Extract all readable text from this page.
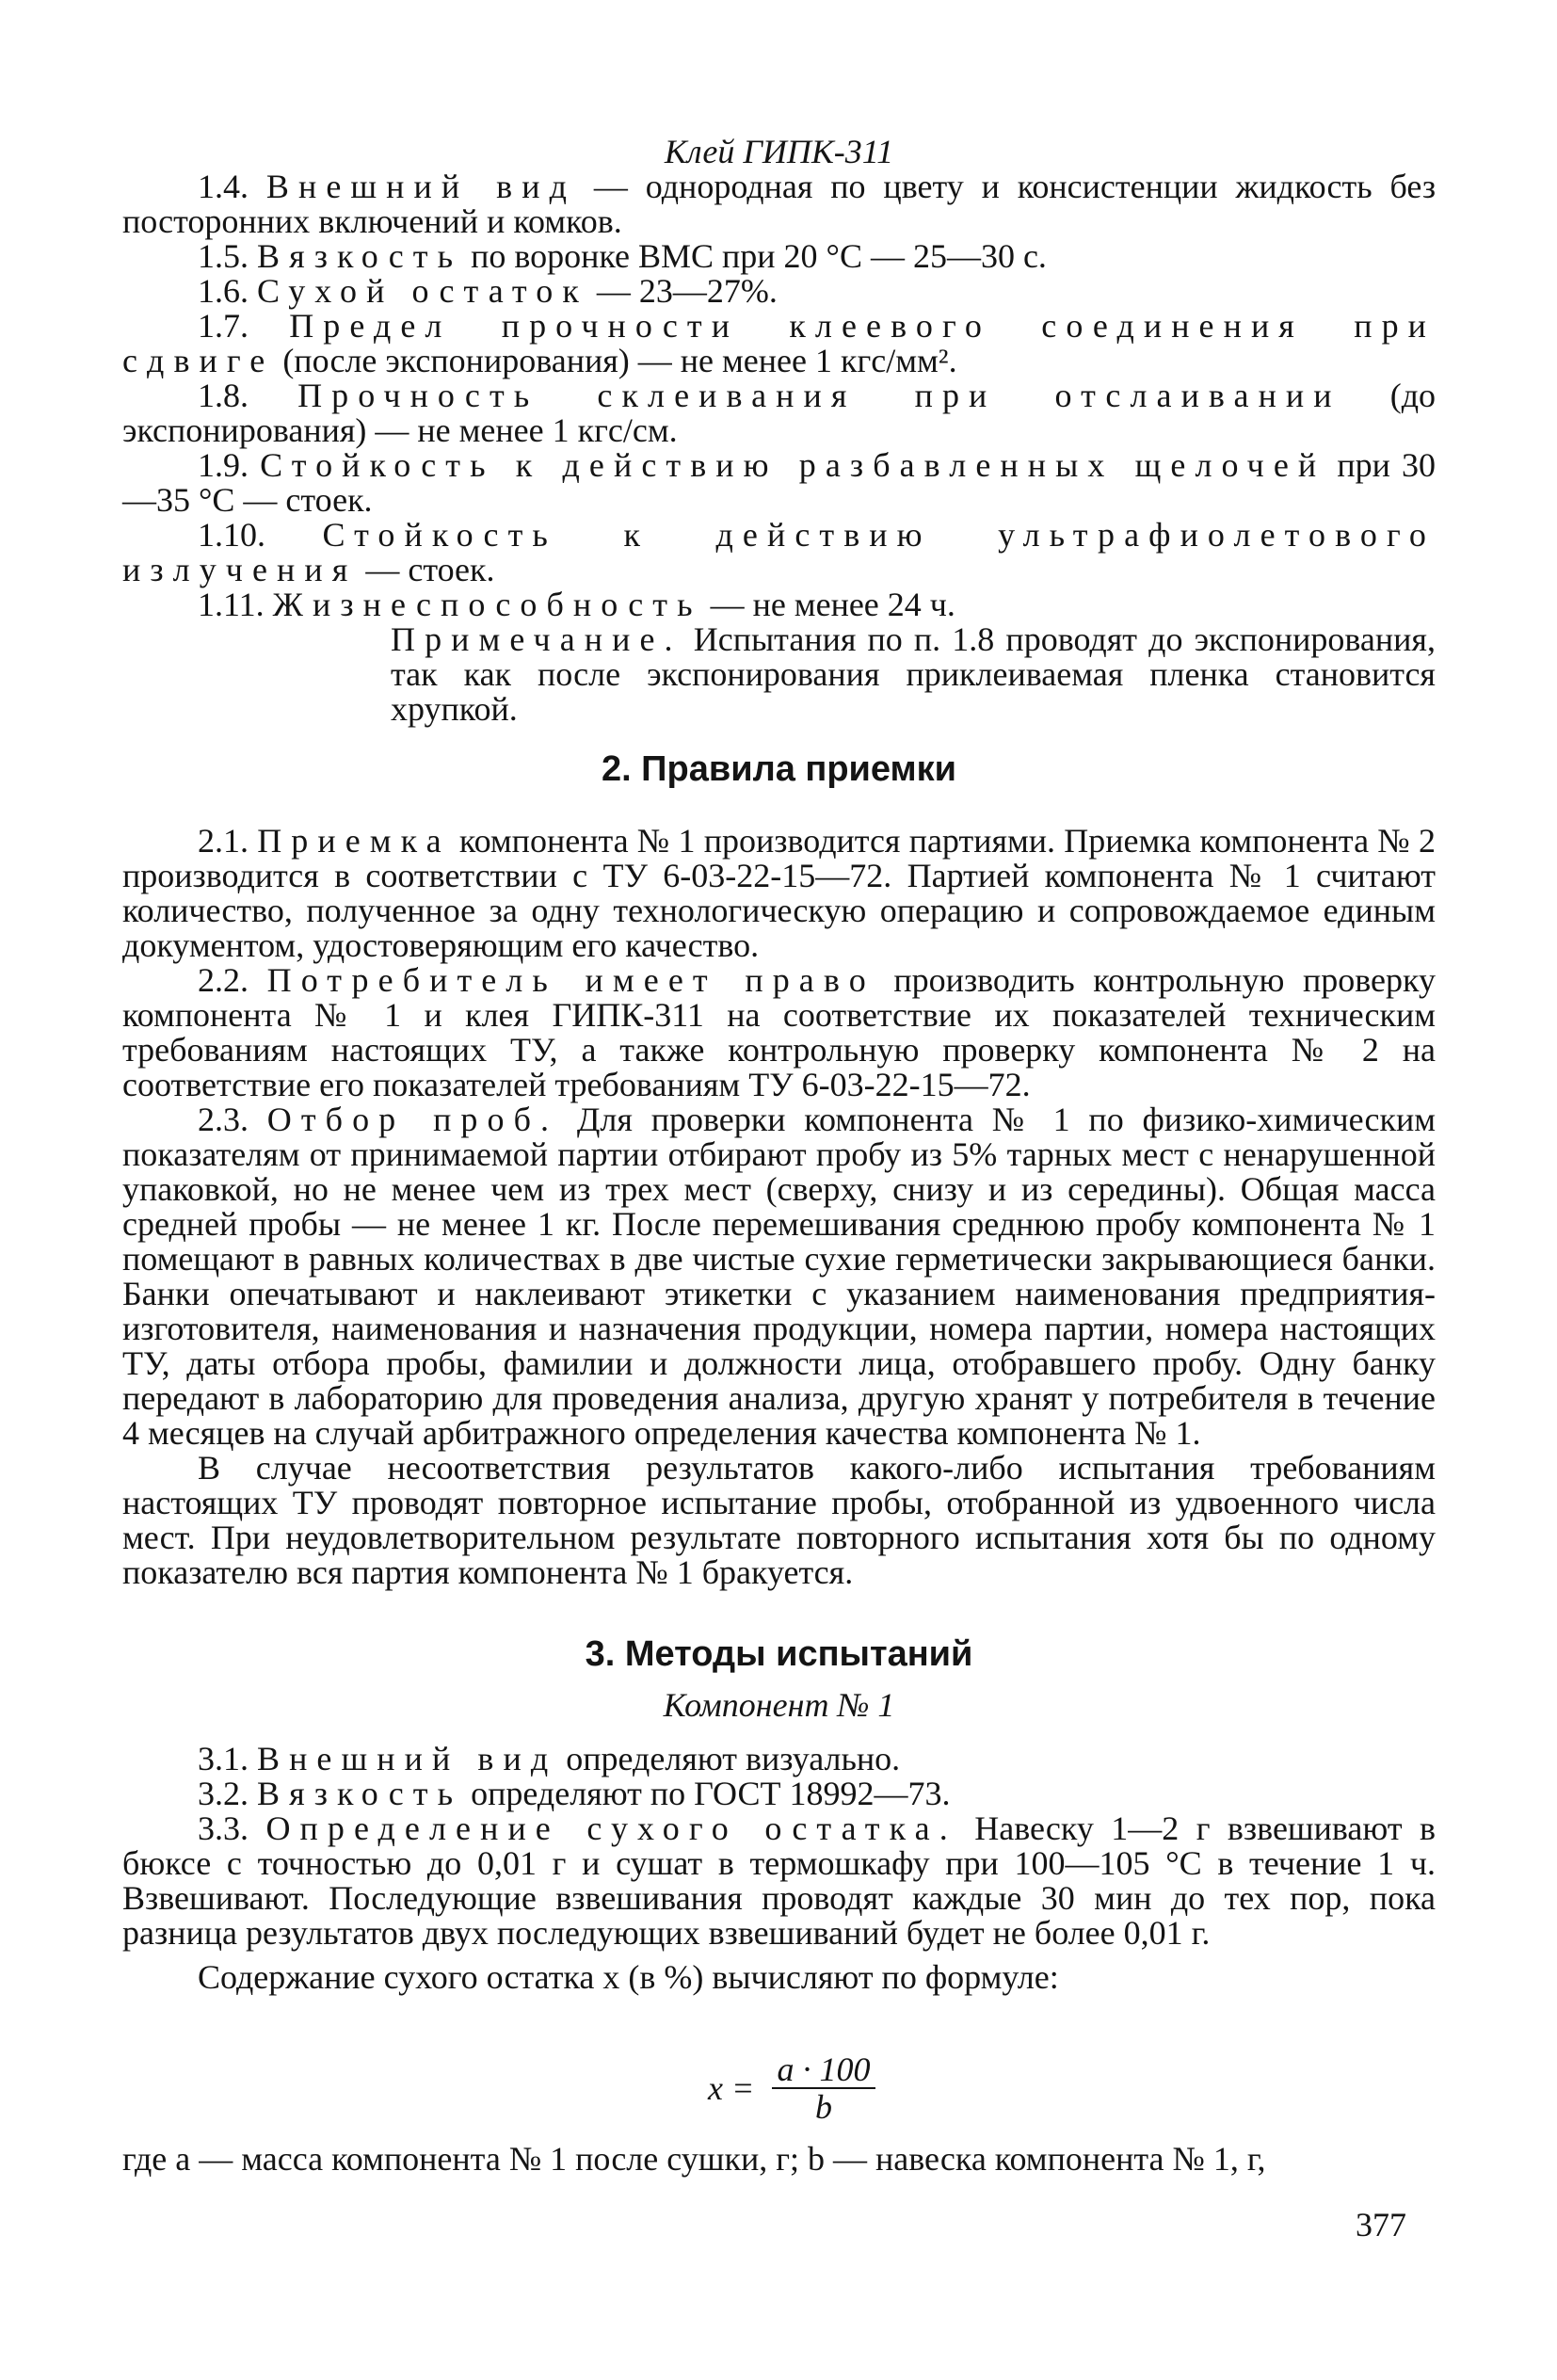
Клей ГИПК-311

1.4. Внешний вид — однородная по цвету и консистенции жидкость без посторонних включений и комков.

1.5. Вязкость по воронке ВМС при 20 °С — 25—30 с.

1.6. Сухой остаток — 23—27%.

1.7. Предел прочности клеевого соединения при сдвиге (после экспонирования) — не менее 1 кгс/мм².

1.8. Прочность склеивания при отслаивании (до экспонирования) — не менее 1 кгс/см.

1.9. Стойкость к действию разбавленных щелочей при 30—35 °С — стоек.

1.10. Стойкость к действию ультрафиолетового излучения — стоек.

1.11. Жизнеспособность — не менее 24 ч.

Примечание. Испытания по п. 1.8 проводят до экспонирования, так как после экспонирования приклеиваемая пленка становится хрупкой.

2. Правила приемки

2.1. Приемка компонента № 1 производится партиями. Приемка компонента № 2 производится в соответствии с ТУ 6-03-22-15—72. Партией компонента № 1 считают количество, полученное за одну технологическую операцию и сопровождаемое единым документом, удостоверяющим его качество.

2.2. Потребитель имеет право производить контрольную проверку компонента № 1 и клея ГИПК-311 на соответствие их показателей техническим требованиям настоящих ТУ, а также контрольную проверку компонента № 2 на соответствие его показателей требованиям ТУ 6-03-22-15—72.

2.3. Отбор проб. Для проверки компонента № 1 по физико-химическим показателям от принимаемой партии отбирают пробу из 5% тарных мест с ненарушенной упаковкой, но не менее чем из трех мест (сверху, снизу и из середины). Общая масса средней пробы — не менее 1 кг. После перемешивания среднюю пробу компонента № 1 помещают в равных количествах в две чистые сухие герметически закрывающиеся банки. Банки опечатывают и наклеивают этикетки с указанием наименования предприятия-изготовителя, наименования и назначения продукции, номера партии, номера настоящих ТУ, даты отбора пробы, фамилии и должности лица, отобравшего пробу. Одну банку передают в лабораторию для проведения анализа, другую хранят у потребителя в течение 4 месяцев на случай арбитражного определения качества компонента № 1.

В случае несоответствия результатов какого-либо испытания требованиям настоящих ТУ проводят повторное испытание пробы, отобранной из удвоенного числа мест. При неудовлетворительном результате повторного испытания хотя бы по одному показателю вся партия компонента № 1 бракуется.

3. Методы испытаний

Компонент № 1

3.1. Внешний вид определяют визуально.

3.2. Вязкость определяют по ГОСТ 18992—73.

3.3. Определение сухого остатка. Навеску 1—2 г взвешивают в бюксе с точностью до 0,01 г и сушат в термошкафу при 100—105 °С в течение 1 ч. Взвешивают. Последующие взвешивания проводят каждые 30 мин до тех пор, пока разница результатов двух последующих взвешиваний будет не более 0,01 г.

Содержание сухого остатка x (в %) вычисляют по формуле:

x = a · 100
b

где a — масса компонента № 1 после сушки, г; b — навеска компонента № 1, г,

377
